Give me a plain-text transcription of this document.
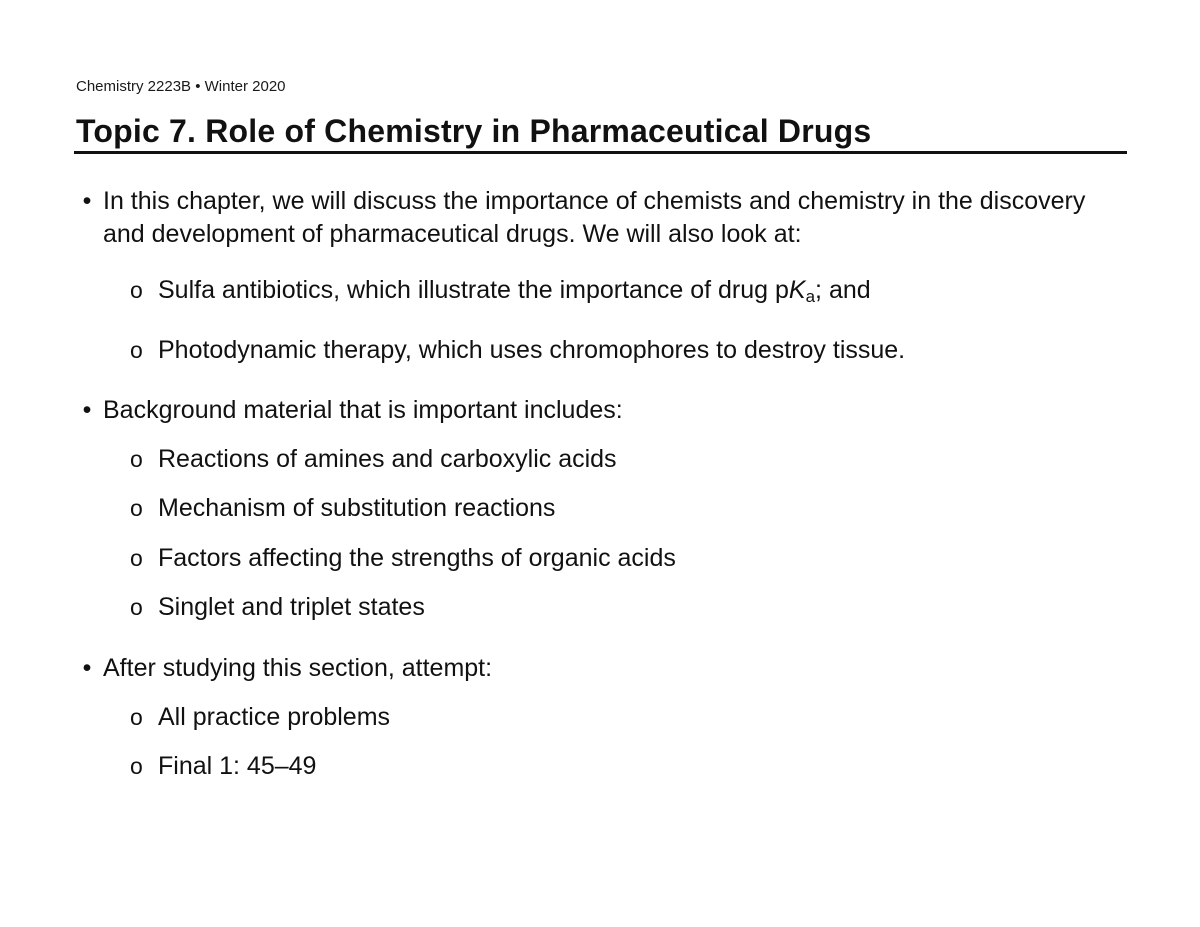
Chemistry 2223B • Winter 2020
Topic 7. Role of Chemistry in Pharmaceutical Drugs
• In this chapter, we will discuss the importance of chemists and chemistry in the discovery and development of pharmaceutical drugs. We will also look at:
o Sulfa antibiotics, which illustrate the importance of drug pKa; and
o Photodynamic therapy, which uses chromophores to destroy tissue.
• Background material that is important includes:
o Reactions of amines and carboxylic acids
o Mechanism of substitution reactions
o Factors affecting the strengths of organic acids
o Singlet and triplet states
• After studying this section, attempt:
o All practice problems
o Final 1: 45–49
